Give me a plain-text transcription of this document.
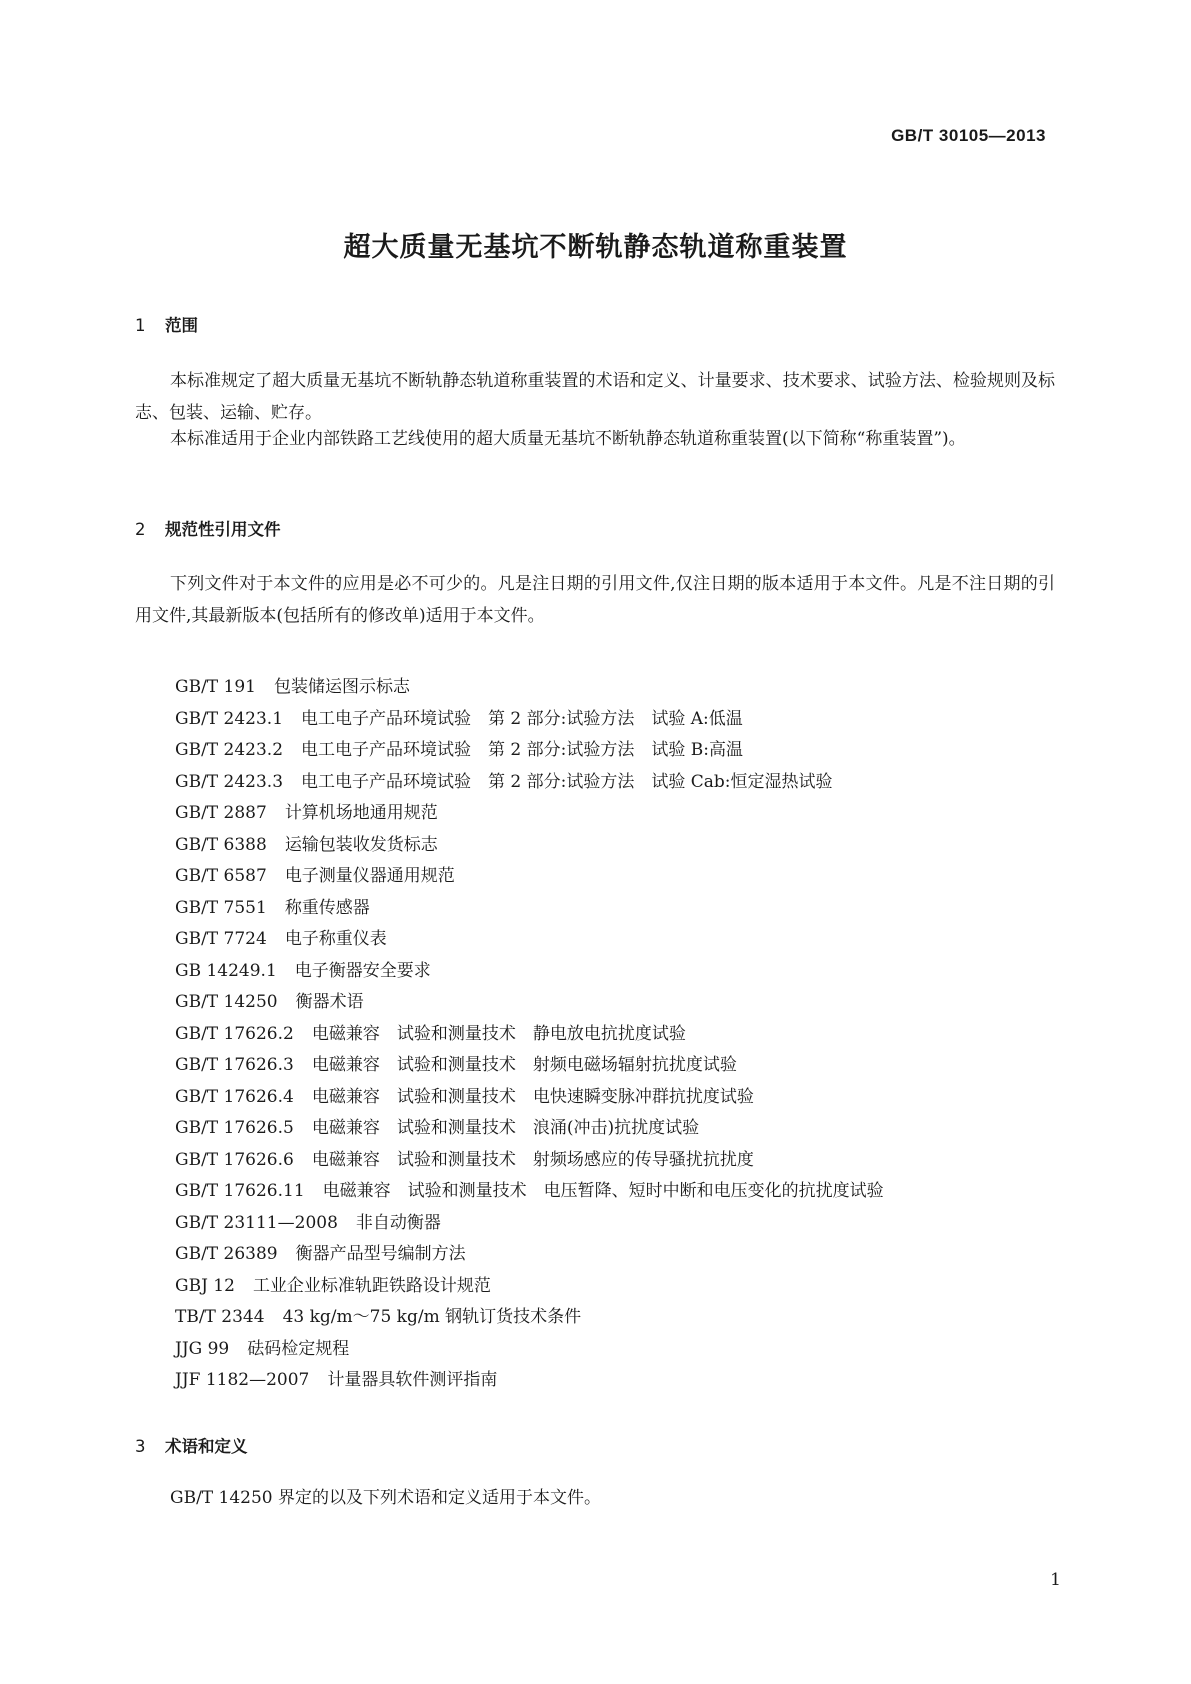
GB/T 30105—2013
超大质量无基坑不断轨静态轨道称重装置
1 范围
本标准规定了超大质量无基坑不断轨静态轨道称重装置的术语和定义、计量要求、技术要求、试验方法、检验规则及标志、包装、运输、贮存。
本标准适用于企业内部铁路工艺线使用的超大质量无基坑不断轨静态轨道称重装置(以下简称“称重装置”)。
2 规范性引用文件
下列文件对于本文件的应用是必不可少的。凡是注日期的引用文件,仅注日期的版本适用于本文件。凡是不注日期的引用文件,其最新版本(包括所有的修改单)适用于本文件。
GB/T 191 包装储运图示标志
GB/T 2423.1 电工电子产品环境试验　第 2 部分:试验方法　试验 A:低温
GB/T 2423.2 电工电子产品环境试验　第 2 部分:试验方法　试验 B:高温
GB/T 2423.3 电工电子产品环境试验　第 2 部分:试验方法　试验 Cab:恒定湿热试验
GB/T 2887 计算机场地通用规范
GB/T 6388 运输包装收发货标志
GB/T 6587 电子测量仪器通用规范
GB/T 7551 称重传感器
GB/T 7724 电子称重仪表
GB 14249.1 电子衡器安全要求
GB/T 14250 衡器术语
GB/T 17626.2 电磁兼容　试验和测量技术　静电放电抗扰度试验
GB/T 17626.3 电磁兼容　试验和测量技术　射频电磁场辐射抗扰度试验
GB/T 17626.4 电磁兼容　试验和测量技术　电快速瞬变脉冲群抗扰度试验
GB/T 17626.5 电磁兼容　试验和测量技术　浪涌(冲击)抗扰度试验
GB/T 17626.6 电磁兼容　试验和测量技术　射频场感应的传导骚扰抗扰度
GB/T 17626.11 电磁兼容　试验和测量技术　电压暂降、短时中断和电压变化的抗扰度试验
GB/T 23111—2008 非自动衡器
GB/T 26389 衡器产品型号编制方法
GBJ 12 工业企业标准轨距铁路设计规范
TB/T 2344 43 kg/m～75 kg/m 钢轨订货技术条件
JJG 99 砝码检定规程
JJF 1182—2007 计量器具软件测评指南
3 术语和定义
GB/T 14250 界定的以及下列术语和定义适用于本文件。
1
